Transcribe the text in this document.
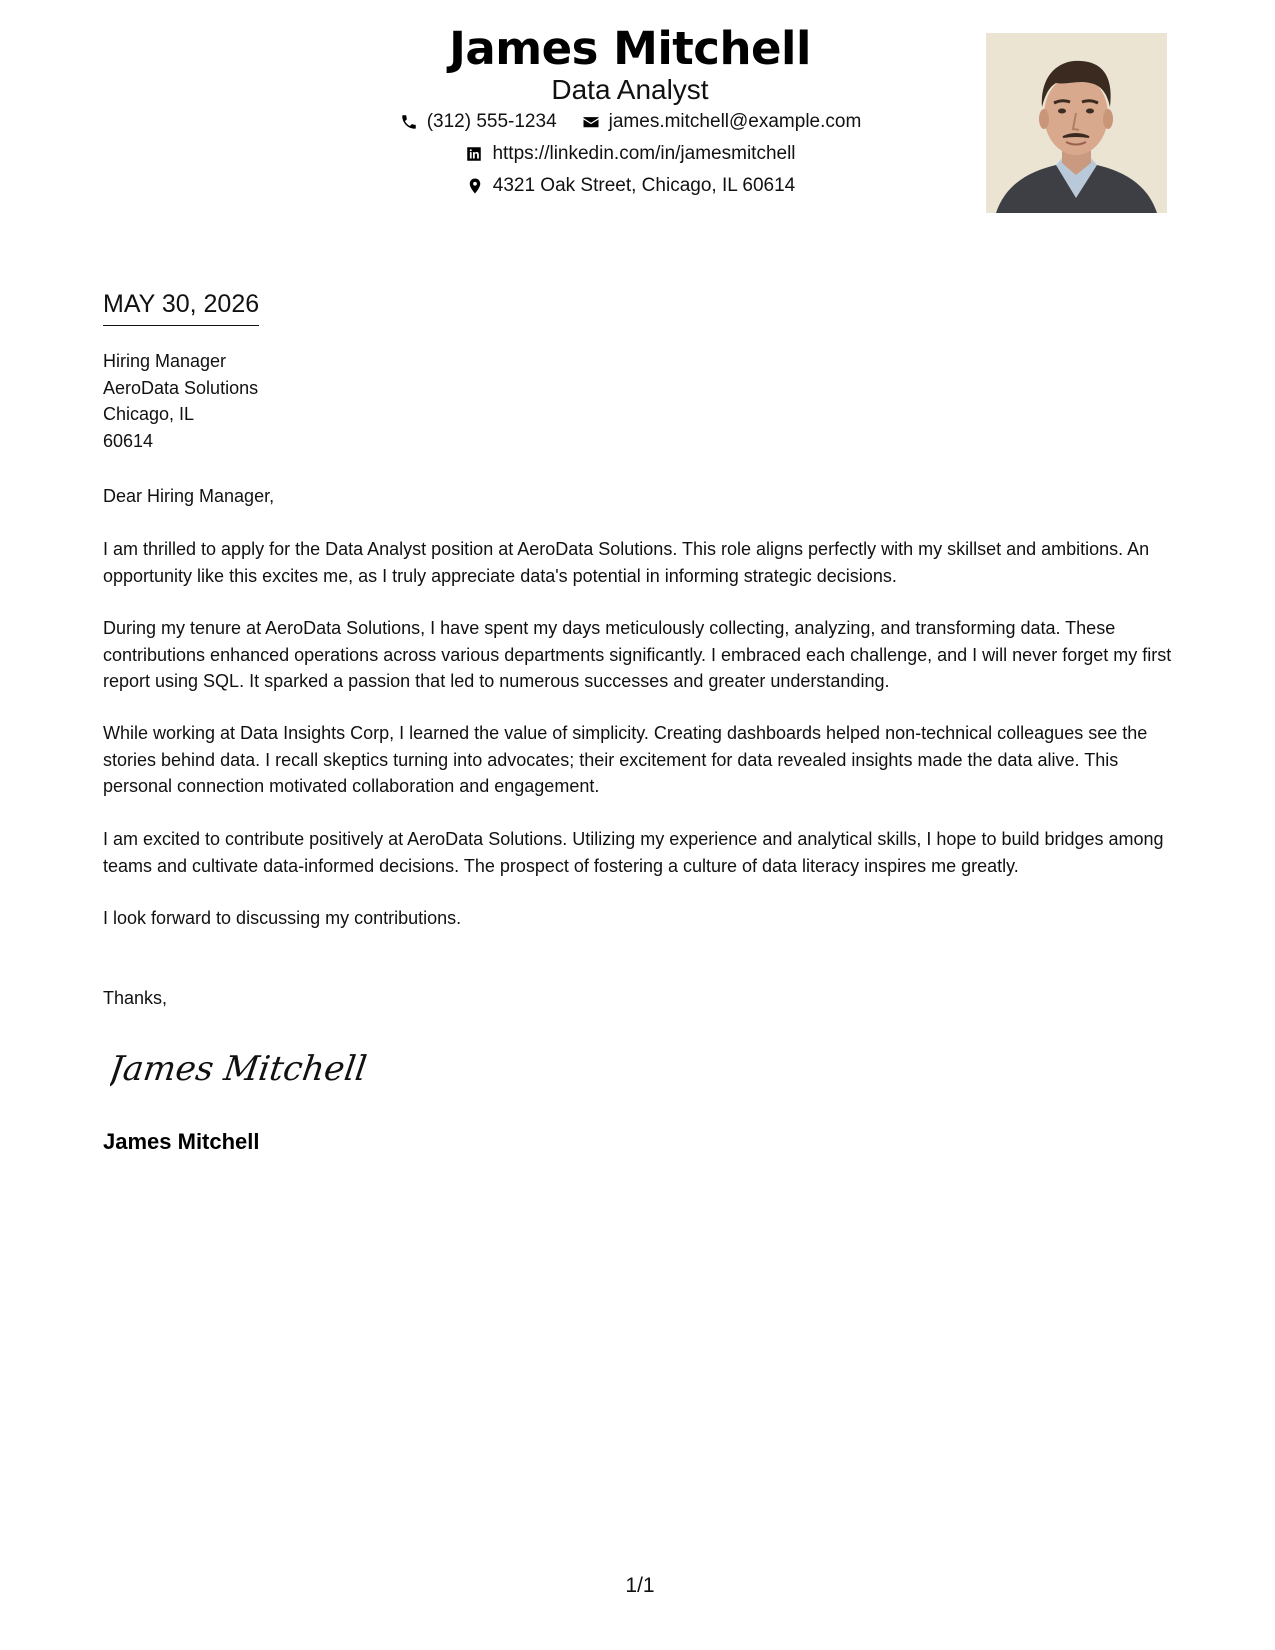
James Mitchell
Data Analyst
(312) 555-1234	james.mitchell@example.com
https://linkedin.com/in/jamesmitchell
4321 Oak Street, Chicago, IL 60614
MAY 30, 2026
Hiring Manager
AeroData Solutions
Chicago, IL
60614
Dear Hiring Manager,
I am thrilled to apply for the Data Analyst position at AeroData Solutions. This role aligns perfectly with my skillset and ambitions. An opportunity like this excites me, as I truly appreciate data's potential in informing strategic decisions.
During my tenure at AeroData Solutions, I have spent my days meticulously collecting, analyzing, and transforming data. These contributions enhanced operations across various departments significantly. I embraced each challenge, and I will never forget my first report using SQL. It sparked a passion that led to numerous successes and greater understanding.
While working at Data Insights Corp, I learned the value of simplicity. Creating dashboards helped non-technical colleagues see the stories behind data. I recall skeptics turning into advocates; their excitement for data revealed insights made the data alive. This personal connection motivated collaboration and engagement.
I am excited to contribute positively at AeroData Solutions. Utilizing my experience and analytical skills, I hope to build bridges among teams and cultivate data-informed decisions. The prospect of fostering a culture of data literacy inspires me greatly.
I look forward to discussing my contributions.
Thanks,
James Mitchell
James Mitchell
1/1
